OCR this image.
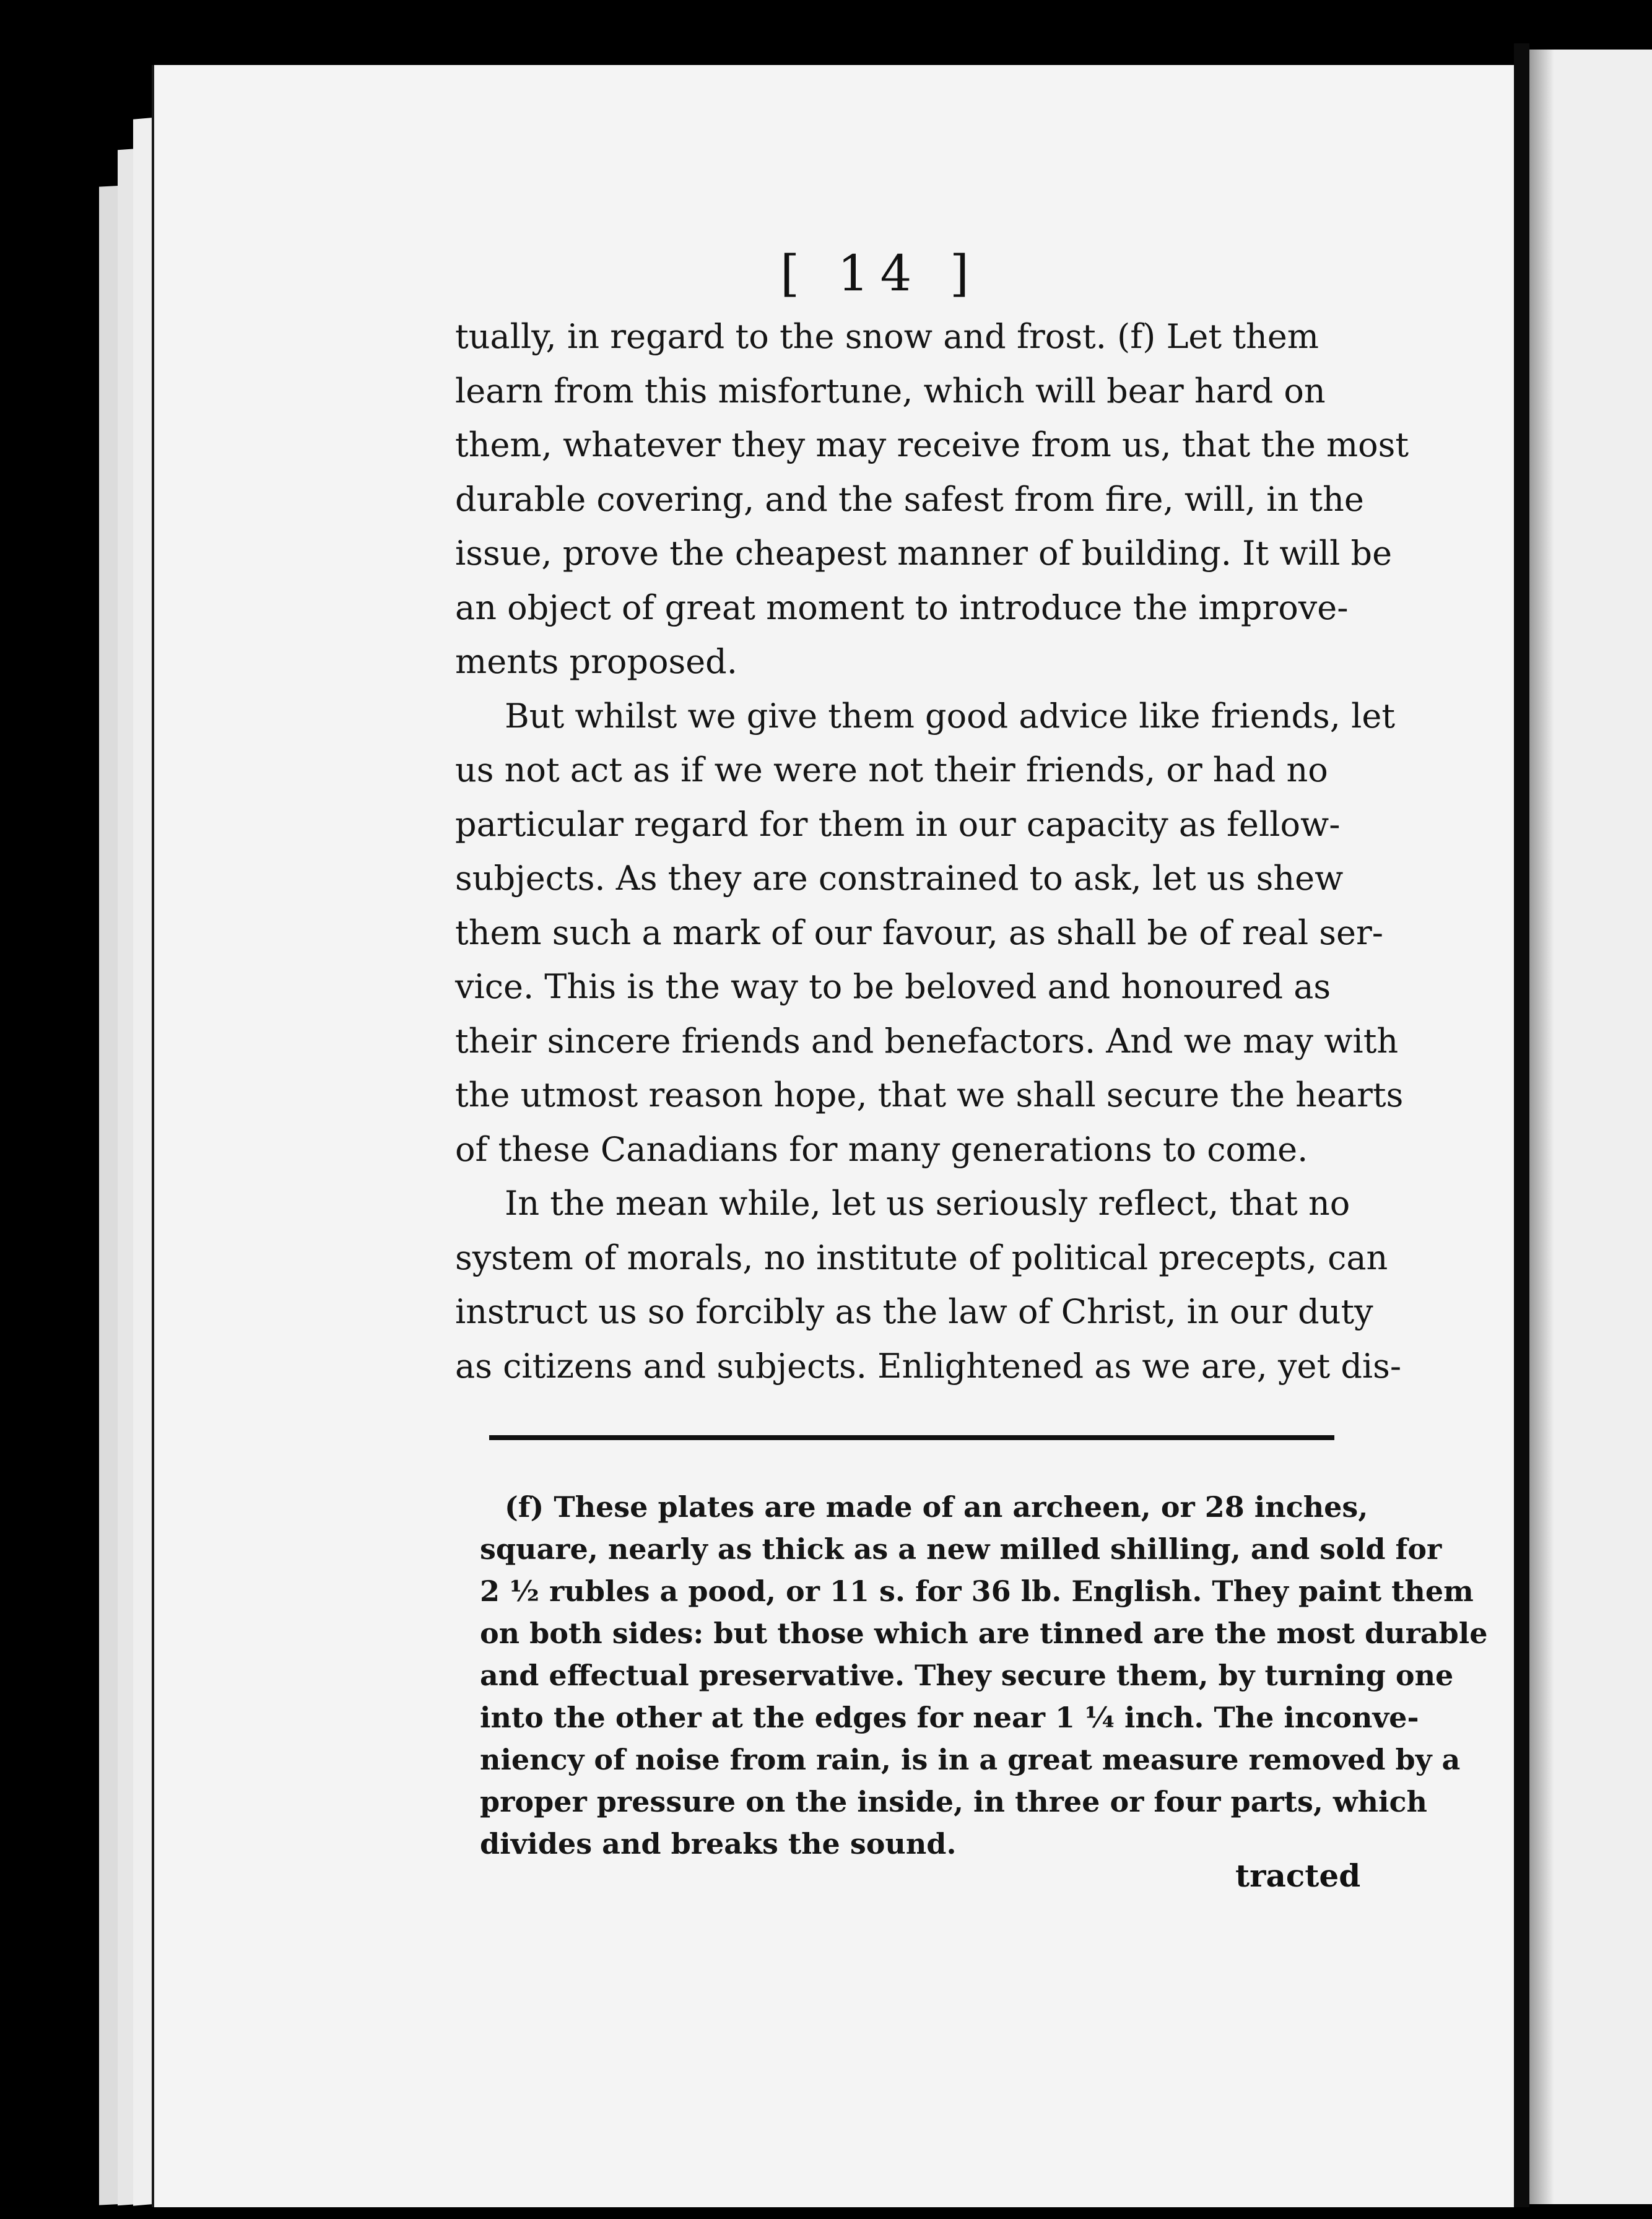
[ 14 ]
tually, in regard to the snow and frost. (f) Let them
learn from this misfortune, which will bear hard on
them, whatever they may receive from us, that the most
durable covering, and the safest from fire, will, in the
issue, prove the cheapest manner of building. It will be
an object of great moment to introduce the improve-
ments proposed.
But whilst we give them good advice like friends, let
us not act as if we were not their friends, or had no
particular regard for them in our capacity as fellow-
subjects. As they are constrained to ask, let us shew
them such a mark of our favour, as shall be of real ser-
vice. This is the way to be beloved and honoured as
their sincere friends and benefactors. And we may with
the utmost reason hope, that we shall secure the hearts
of these Canadians for many generations to come.
In the mean while, let us seriously reflect, that no
system of morals, no institute of political precepts, can
instruct us so forcibly as the law of Christ, in our duty
as citizens and subjects. Enlightened as we are, yet dis-
(f) These plates are made of an archeen, or 28 inches,
square, nearly as thick as a new milled shilling, and sold for
2 ½ rubles a pood, or 11 s. for 36 lb. English. They paint them
on both sides: but those which are tinned are the most durable
and effectual preservative. They secure them, by turning one
into the other at the edges for near 1 ¼ inch. The inconve-
niency of noise from rain, is in a great measure removed by a
proper pressure on the inside, in three or four parts, which
divides and breaks the sound.
tracted
